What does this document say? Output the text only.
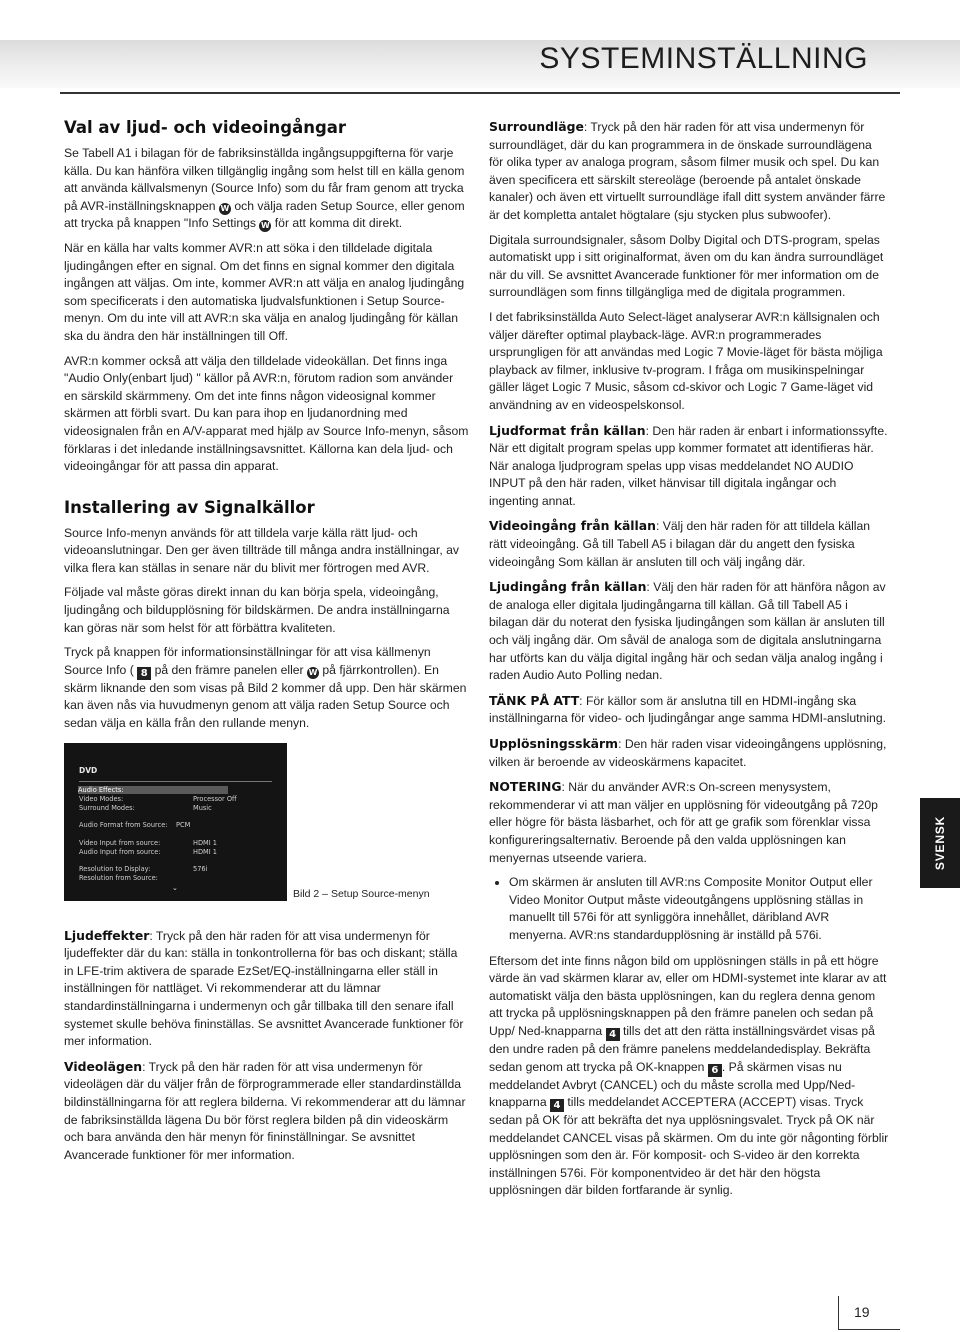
SYSTEMINSTÄLLNING
Val av ljud- och videoingångar

Se Tabell A1 i bilagan för de fabriksinställda ingångsuppgifterna för varje källa. Du kan hänföra vilken tillgänglig ingång som helst till en källa genom att använda källvalsmenyn (Source Info) som du får fram genom att trycka på AVR-inställningsknappen W och välja raden Setup Source, eller genom att trycka på knappen "Info Settings W för att komma dit direkt.

När en källa har valts kommer AVR:n att söka i den tilldelade digitala ljudingången efter en signal. Om det finns en signal kommer den digitala ingången att väljas. Om inte, kommer AVR:n att välja en analog ljudingång som specificerats i den automatiska ljudvalsfunktionen i Setup Source-menyn. Om du inte vill att AVR:n ska välja en analog ljudingång för källan ska du ändra den här inställningen till Off.

AVR:n kommer också att välja den tilldelade videokällan. Det finns inga "Audio Only(enbart ljud) " källor på AVR:n, förutom radion som använder en särskild skärmmeny. Om det inte finns någon videosignal kommer skärmen att förbli svart. Du kan para ihop en ljudanordning med videosignalen från en A/V-apparat med hjälp av Source Info-menyn, såsom förklaras i det inledande inställningsavsnittet. Källorna kan dela ljud- och videoingångar för att passa din apparat.

Installering av Signalkällor

Source Info-menyn används för att tilldela varje källa rätt ljud- och videoanslutningar. Den ger även tillträde till många andra inställningar, av vilka flera kan ställas in senare när du blivit mer förtrogen med AVR.

Följade val måste göras direkt innan du kan börja spela, videoingång, ljudingång och bildupplösning för bildskärmen. De andra inställningarna kan göras när som helst för att förbättra kvaliteten.

Tryck på knappen för informationsinställningar för att visa källmenyn Source Info ( 8 på den främre panelen eller W på fjärrkontrollen). En skärm liknande den som visas på Bild 2 kommer då upp. Den här skärmen kan även nås via huvudmenyn genom att välja raden Setup Source och sedan välja en källa från den rullande menyn.

DVD
Audio Effects:
Video Modes:	Processor Off
Surround Modes:	Music
Audio Format from Source: PCM
Video Input from source:	HDMI 1
Audio Input from source:	HDMI 1
Resolution to Display:	576i
Resolution from Source:
⌄	Bild 2 – Setup Source-menyn

Ljudeffekter: Tryck på den här raden för att visa undermenyn för ljudeffekter där du kan: ställa in tonkontrollerna för bas och diskant; ställa in LFE-trim aktivera de sparade EzSet/EQ-inställningarna eller ställ in inställningen för nattläget. Vi rekommenderar att du lämnar standardinställningarna i undermenyn och går tillbaka till den senare ifall systemet skulle behöva fininställas. Se avsnittet Avancerade funktioner för mer information.

Videolägen: Tryck på den här raden för att visa undermenyn för videolägen där du väljer från de förprogrammerade eller standardinställda bildinställningarna för att reglera bilderna. Vi rekommenderar att du lämnar de fabriksinställda lägena Du bör först reglera bilden på din videoskärm och bara använda den här menyn för fininställningar. Se avsnittet Avancerade funktioner för mer information.

Surroundläge: Tryck på den här raden för att visa undermenyn för surroundläget, där du kan programmera in de önskade surroundlägena för olika typer av analoga program, såsom filmer musik och spel. Du kan även specificera ett särskilt stereoläge (beroende på antalet önskade kanaler) och även ett virtuellt surroundläge ifall ditt system använder färre är det kompletta antalet högtalare (sju stycken plus subwoofer).

Digitala surroundsignaler, såsom Dolby Digital och DTS-program, spelas automatiskt upp i sitt originalformat, även om du kan ändra surroundläget när du vill. Se avsnittet Avancerade funktioner för mer information om de surroundlägen som finns tillgängliga med de digitala programmen.

I det fabriksinställda Auto Select-läget analyserar AVR:n källsignalen och väljer därefter optimal playback-läge. AVR:n programmerades ursprungligen för att användas med Logic 7 Movie-läget för bästa möjliga playback av filmer, inklusive tv-program. I fråga om musikinspelningar gäller läget Logic 7 Music, såsom cd-skivor och Logic 7 Game-läget vid användning av en videospelskonsol.

Ljudformat från källan: Den här raden är enbart i informationssyfte. När ett digitalt program spelas upp kommer formatet att identifieras här. När analoga ljudprogram spelas upp visas meddelandet NO AUDIO INPUT på den här raden, vilket hänvisar till digitala ingångar och ingenting annat.

Videoingång från källan: Välj den här raden för att tilldela källan rätt videoingång. Gå till Tabell A5 i bilagan där du angett den fysiska videoingång Som källan är ansluten till och välj ingång där.

Ljudingång från källan: Välj den här raden för att hänföra någon av de analoga eller digitala ljudingångarna till källan. Gå till Tabell A5 i bilagan där du noterat den fysiska ljudingången som källan är ansluten till och välj ingång där. Om såväl de analoga som de digitala anslutningarna har utförts kan du välja digital ingång här och sedan välja analog ingång i raden Audio Auto Polling nedan.

TÄNK PÅ ATT: För källor som är anslutna till en HDMI-ingång ska inställningarna för video- och ljudingångar ange samma HDMI-anslutning.

Upplösningsskärm: Den här raden visar videoingångens upplösning, vilken är beroende av videoskärmens kapacitet.

NOTERING: När du använder AVR:s On-screen menysystem, rekommenderar vi att man väljer en upplösning för videoutgång på 720p eller högre för bästa läsbarhet, och för att ge grafik som förenklar vissa konfigureringsalternativ. Beroende på den valda upplösningen kan menyernas utseende variera.

• Om skärmen är ansluten till AVR:ns Composite Monitor Output eller Video Monitor Output måste videoutgångens upplösning ställas in manuellt till 576i för att synliggöra innehållet, däribland AVR menyerna. AVR:ns standardupplösning är inställd på 576i.

Eftersom det inte finns någon bild om upplösningen ställs in på ett högre värde än vad skärmen klarar av, eller om HDMI-systemet inte klarar av att automatiskt välja den bästa upplösningen, kan du reglera denna genom att trycka på upplösningsknappen på den främre panelen och sedan på Upp/ Ned-knapparna 4 tills det att den rätta inställningsvärdet visas på den undre raden på den främre panelens meddelandedisplay. Bekräfta sedan genom att trycka på OK-knappen 6 . På skärmen visas nu meddelandet Avbryt (CANCEL) och du måste scrolla med Upp/Ned-knapparna 4 tills meddelandet ACCEPTERA (ACCEPT) visas. Tryck sedan på OK för att bekräfta det nya upplösningsvalet. Tryck på OK när meddelandet CANCEL visas på skärmen. Om du inte gör någonting förblir upplösningen som den är. För komposit- och S-video är den korrekta inställningen 576i. För komponentvideo är det här den högsta upplösningen där bilden fortfarande är synlig.

SVENSK
19
